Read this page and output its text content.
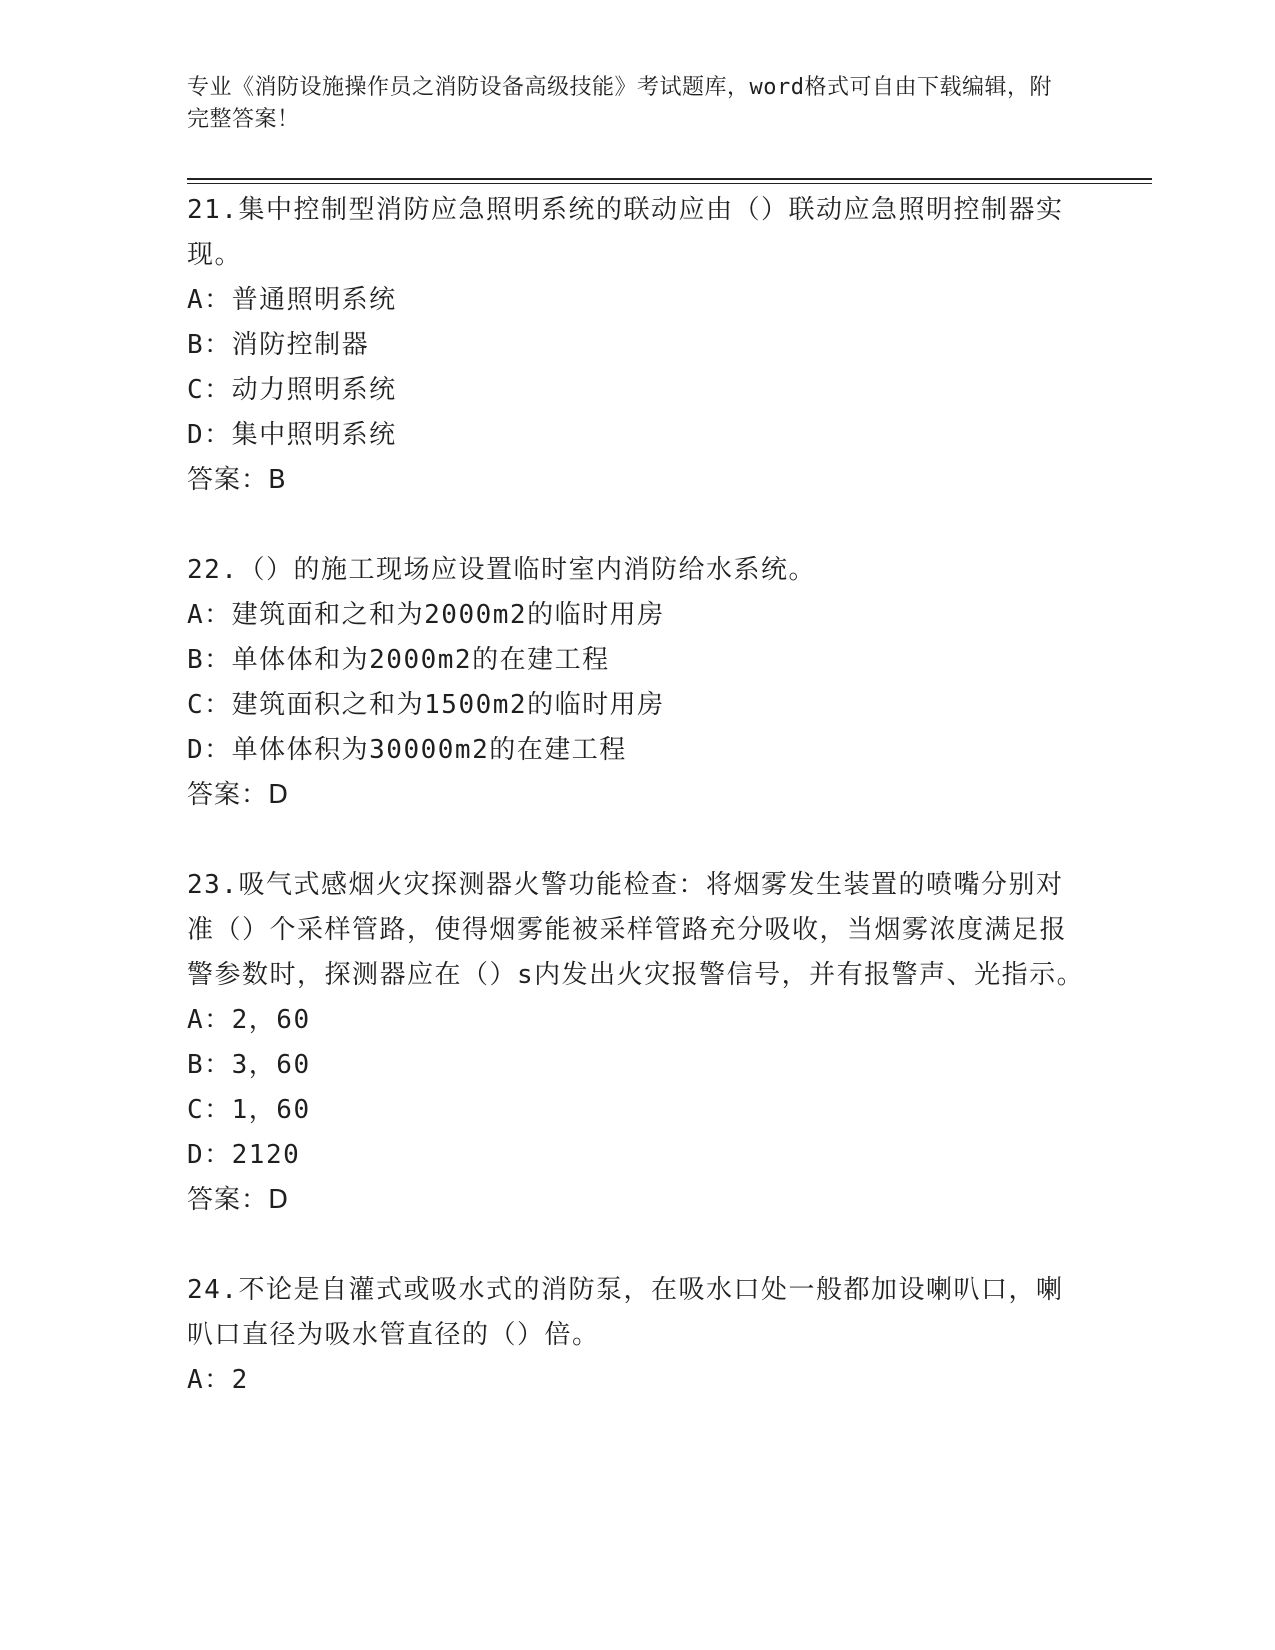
专业《消防设施操作员之消防设备高级技能》考试题库，word格式可自由下载编辑，附完整答案！

21.集中控制型消防应急照明系统的联动应由（）联动应急照明控制器实现。

A：普通照明系统

B：消防控制器

C：动力照明系统

D：集中照明系统

答案：B

22.（）的施工现场应设置临时室内消防给水系统。

A：建筑面和之和为2000m2的临时用房

B：单体体和为2000m2的在建工程

C：建筑面积之和为1500m2的临时用房

D：单体体积为30000m2的在建工程

答案：D

23.吸气式感烟火灾探测器火警功能检查：将烟雾发生装置的喷嘴分别对准（）个采样管路，使得烟雾能被采样管路充分吸收，当烟雾浓度满足报警参数时，探测器应在（）s内发出火灾报警信号，并有报警声、光指示。

A：2，60

B：3，60

C：1，60

D：2120

答案：D

24.不论是自灌式或吸水式的消防泵，在吸水口处一般都加设喇叭口，喇叭口直径为吸水管直径的（）倍。

A：2
